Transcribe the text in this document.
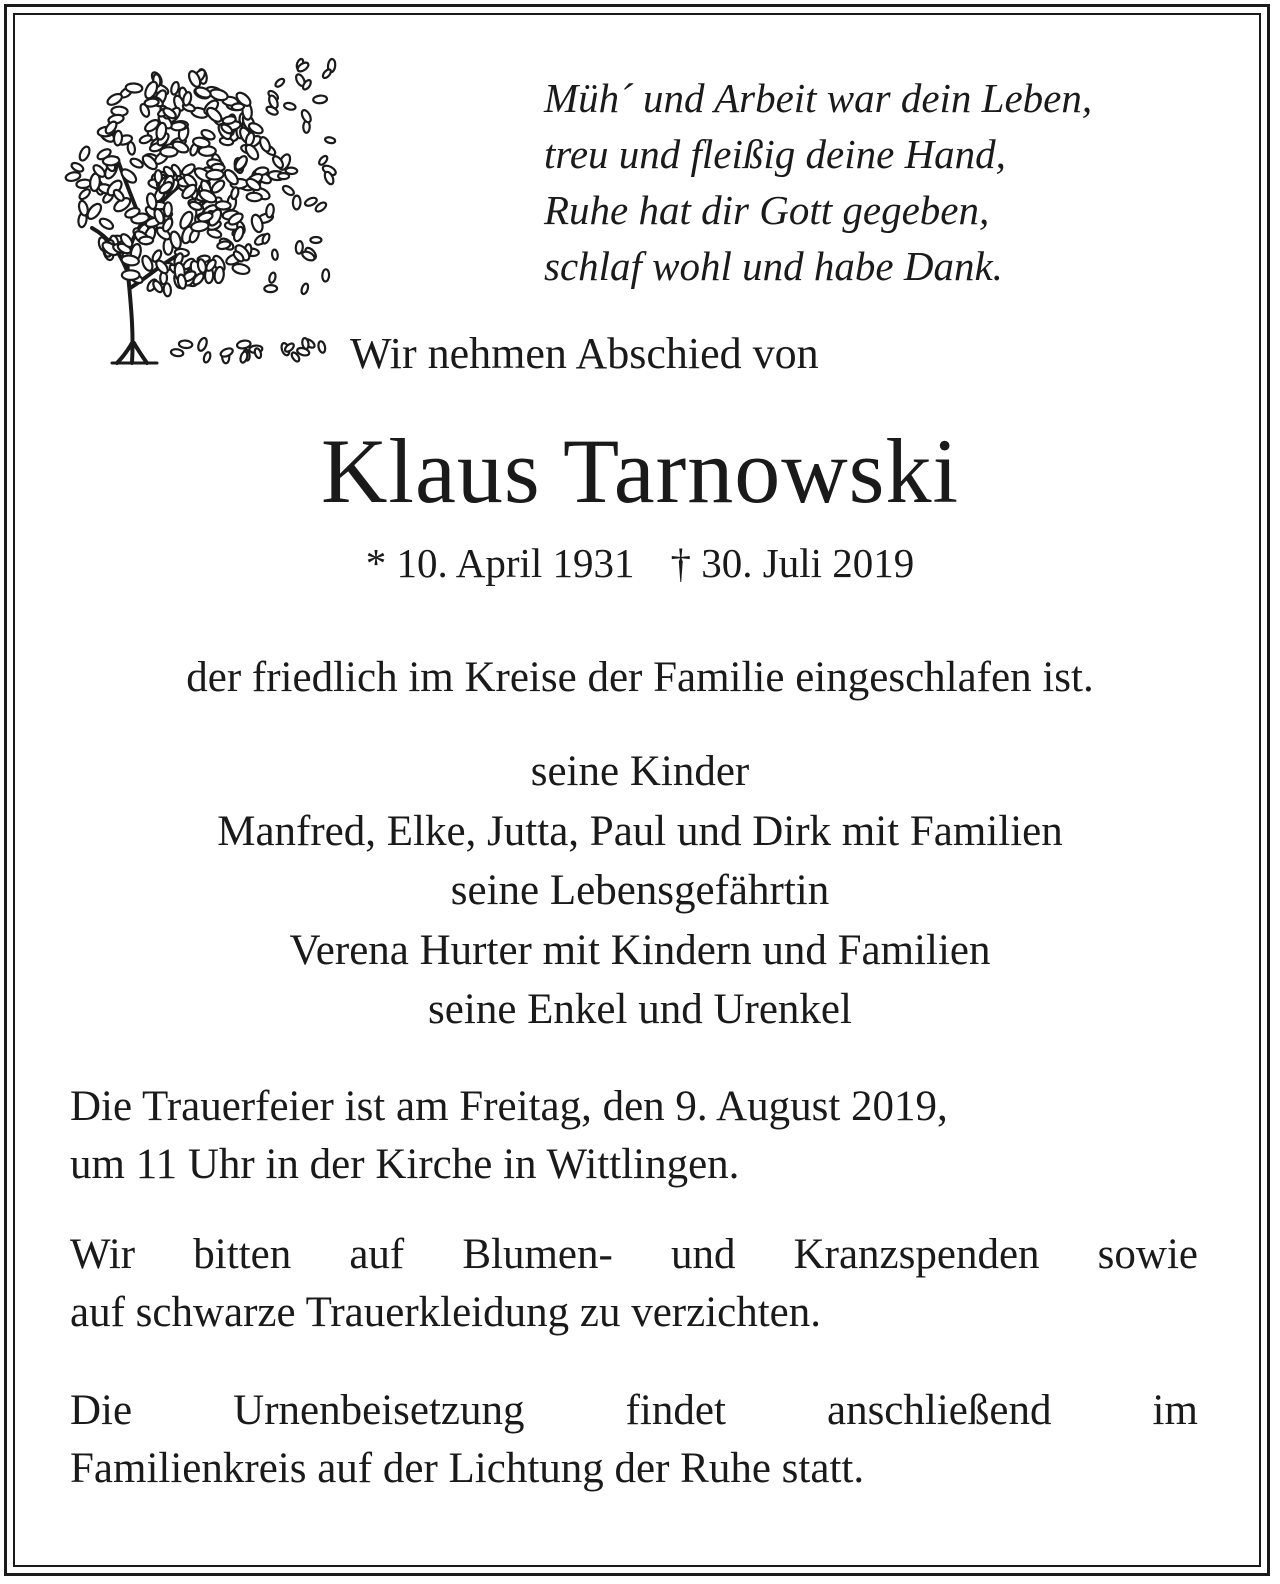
Müh´ und Arbeit war dein Leben,
treu und fleißig deine Hand,
Ruhe hat dir Gott gegeben,
schlaf wohl und habe Dank.
Wir nehmen Abschied von
Klaus Tarnowski
* 10. April 1931 † 30. Juli 2019
der friedlich im Kreise der Familie eingeschlafen ist.
seine Kinder
Manfred, Elke, Jutta, Paul und Dirk mit Familien
seine Lebensgefährtin
Verena Hurter mit Kindern und Familien
seine Enkel und Urenkel
Die Trauerfeier ist am Freitag, den 9. August 2019,
um 11 Uhr in der Kirche in Wittlingen.
Wir bitten auf Blumen- und Kranzspenden sowie
auf schwarze Trauerkleidung zu verzichten.
Die Urnenbeisetzung findet anschließend im
Familienkreis auf der Lichtung der Ruhe statt.
